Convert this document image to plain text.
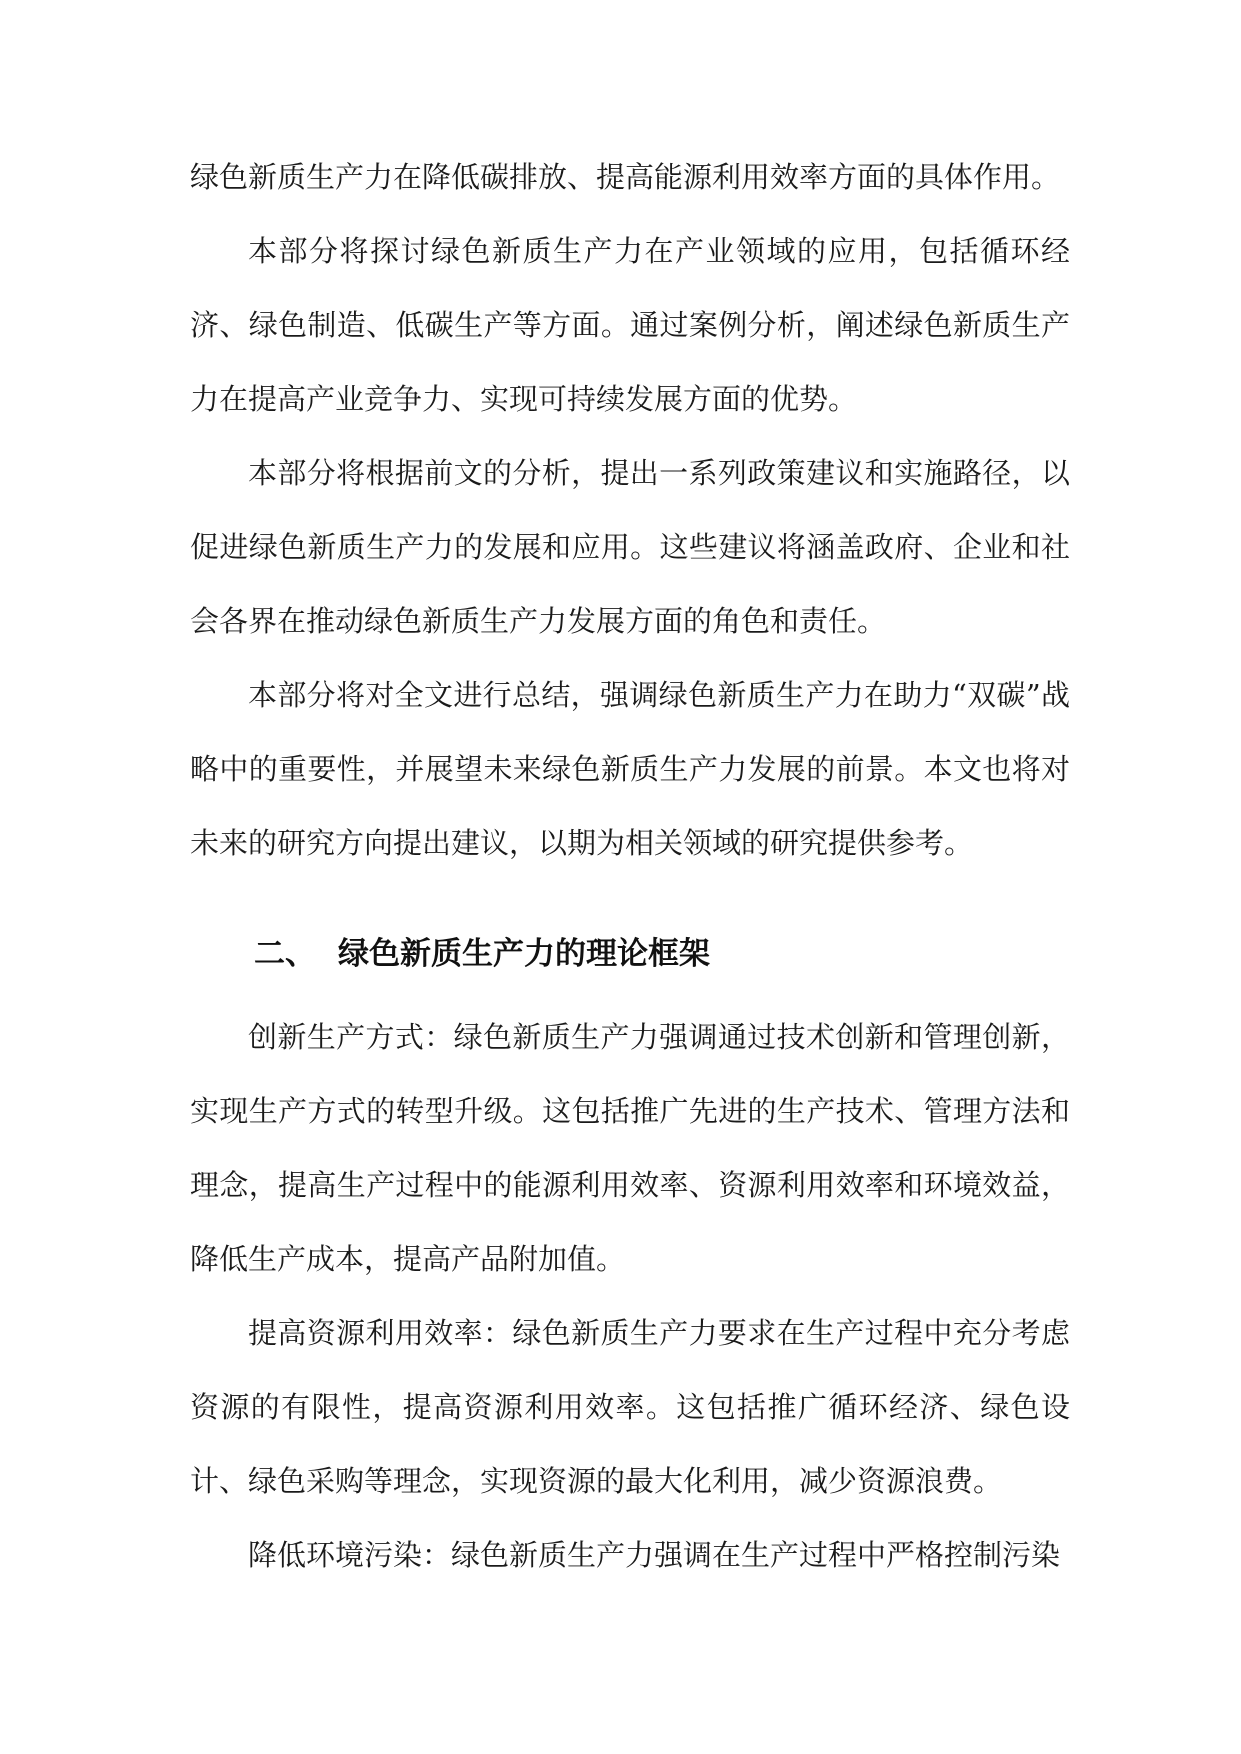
绿色新质生产力在降低碳排放、提高能源利用效率方面的具体作用。

本部分将探讨绿色新质生产力在产业领域的应用，包括循环经济、绿色制造、低碳生产等方面。通过案例分析，阐述绿色新质生产力在提高产业竞争力、实现可持续发展方面的优势。

本部分将根据前文的分析，提出一系列政策建议和实施路径，以促进绿色新质生产力的发展和应用。这些建议将涵盖政府、企业和社会各界在推动绿色新质生产力发展方面的角色和责任。

本部分将对全文进行总结，强调绿色新质生产力在助力“双碳”战略中的重要性，并展望未来绿色新质生产力发展的前景。本文也将对未来的研究方向提出建议，以期为相关领域的研究提供参考。

二、 绿色新质生产力的理论框架

创新生产方式：绿色新质生产力强调通过技术创新和管理创新，实现生产方式的转型升级。这包括推广先进的生产技术、管理方法和理念，提高生产过程中的能源利用效率、资源利用效率和环境效益，降低生产成本，提高产品附加值。

提高资源利用效率：绿色新质生产力要求在生产过程中充分考虑资源的有限性，提高资源利用效率。这包括推广循环经济、绿色设计、绿色采购等理念，实现资源的最大化利用，减少资源浪费。

降低环境污染：绿色新质生产力强调在生产过程中严格控制污染
